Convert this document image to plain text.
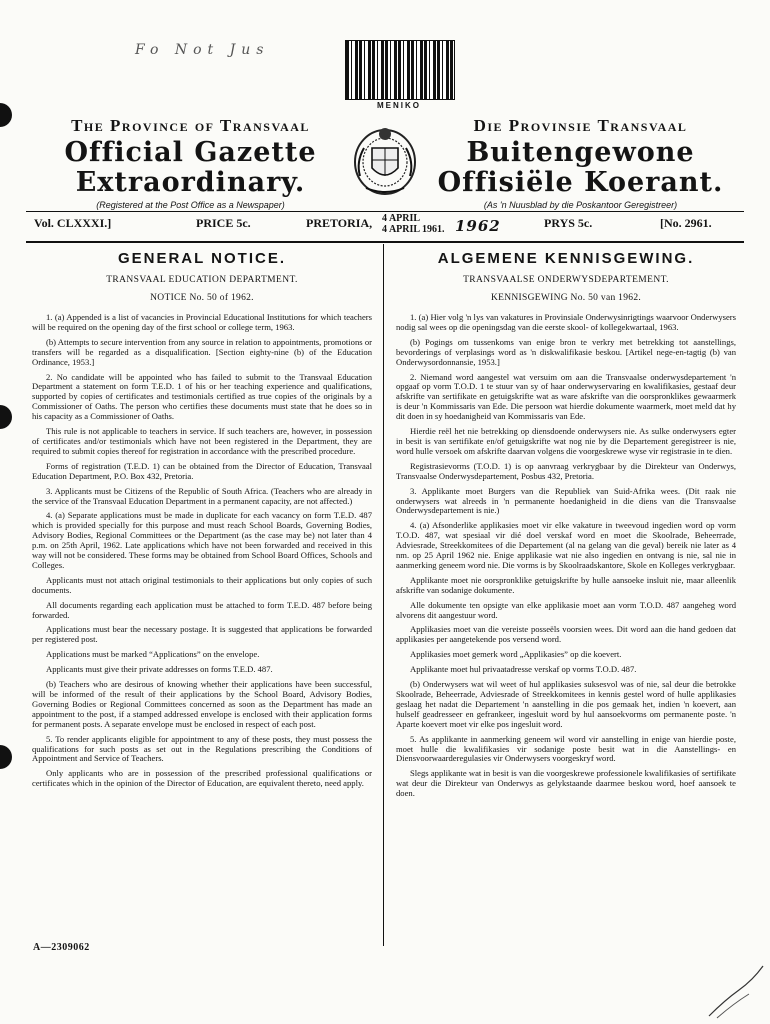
Fo Not Jus
MENIKO
The Province of Transvaal
Official Gazette
Extraordinary.
(Registered at the Post Office as a Newspaper)
Die Provinsie Transvaal
Buitengewone
Offisiële Koerant.
(As 'n Nuusblad by die Poskantoor Geregistreer)
Vol. CLXXXI.]	PRICE 5c.	PRETORIA, 4 APRIL
4 APRIL 1961. 1962	PRYS 5c.	[No. 2961.
GENERAL NOTICE.
TRANSVAAL EDUCATION DEPARTMENT.
NOTICE No. 50 of 1962.

1. (a) Appended is a list of vacancies in Provincial Educational Institutions for which teachers will be required on the opening day of the first school or college term, 1963.

(b) Attempts to secure intervention from any source in relation to appointments, promotions or transfers will be regarded as a disqualification. [Section eighty-nine (b) of the Education Ordinance, 1953.]

2. No candidate will be appointed who has failed to submit to the Transvaal Education Department a statement on form T.E.D. 1 of his or her teaching experience and qualifications, supported by copies of certificates and testimonials certified as true copies of the originals by a Commissioner of Oaths. The person who certifies these documents must state that he does so in his capacity as a Commissioner of Oaths.

This rule is not applicable to teachers in service. If such teachers are, however, in possession of certificates and/or testimonials which have not been registered in the Department, they are required to submit copies thereof for registration in accordance with the prescribed procedure.

Forms of registration (T.E.D. 1) can be obtained from the Director of Education, Transvaal Education Department, P.O. Box 432, Pretoria.

3. Applicants must be Citizens of the Republic of South Africa. (Teachers who are already in the service of the Transvaal Education Department in a permanent capacity, are not affected.)

4. (a) Separate applications must be made in duplicate for each vacancy on form T.E.D. 487 which is provided specially for this purpose and must reach School Boards, Governing Bodies, Advisory Bodies, Regional Committees or the Department (as the case may be) not later than 4 p.m. on 25th April, 1962. Late applications which have not been forwarded and received in this way will not be considered. These forms may be obtained from School Board Offices, Schools and Colleges.

Applicants must not attach original testimonials to their applications but only copies of such documents.

All documents regarding each application must be attached to form T.E.D. 487 before being forwarded.

Applications must bear the necessary postage. It is suggested that applications be forwarded per registered post.

Applications must be marked “Applications” on the envelope.

Applicants must give their private addresses on forms T.E.D. 487.

(b) Teachers who are desirous of knowing whether their applications have been successful, will be informed of the result of their applications by the School Board, Advisory Bodies, Governing Bodies or Regional Committees concerned as soon as the Department has made an appointment to the post, if a stamped addressed envelope is enclosed with their application forms for permanent posts. A separate envelope must be enclosed in respect of each post.

5. To render applicants eligible for appointment to any of these posts, they must possess the qualifications for such posts as set out in the Regulations prescribing the Conditions of Appointment and Service of Teachers.

Only applicants who are in possession of the prescribed professional qualifications or certificates which in the opinion of the Director of Education, are equivalent thereto, need apply.

ALGEMENE KENNISGEWING.
TRANSVAALSE ONDERWYSDEPARTEMENT.
KENNISGEWING No. 50 van 1962.

1. (a) Hier volg 'n lys van vakatures in Provinsiale Onderwysinrigtings waarvoor Onderwysers nodig sal wees op die openingsdag van die eerste skool- of kollegekwartaal, 1963.

(b) Pogings om tussenkoms van enige bron te verkry met betrekking tot aanstellings, bevorderings of verplasings word as 'n diskwalifikasie beskou. [Artikel nege-en-tagtig (b) van Onderwysordonnansie, 1953.]

2. Niemand word aangestel wat versuim om aan die Transvaalse onderwysdepartement 'n opgaaf op vorm T.O.D. 1 te stuur van sy of haar onderwyservaring en kwalifikasies, gestaaf deur afskrifte van sertifikate en getuigskrifte wat as ware afskrifte van die oorspronklikes gewaarmerk is deur 'n Kommissaris van Ede. Die persoon wat hierdie dokumente waarmerk, moet meld dat hy dit doen in sy hoedanigheid van Kommissaris van Ede.

Hierdie reël het nie betrekking op diensdoende onderwysers nie. As sulke onderwysers egter in besit is van sertifikate en/of getuigskrifte wat nog nie by die Departement geregistreer is nie, word hulle versoek om afskrifte daarvan volgens die voorgeskrewe wyse vir registrasie in te dien.

Registrasievorms (T.O.D. 1) is op aanvraag verkrygbaar by die Direkteur van Onderwys, Transvaalse Onderwysdepartement, Posbus 432, Pretoria.

3. Applikante moet Burgers van die Republiek van Suid-Afrika wees. (Dit raak nie onderwysers wat alreeds in 'n permanente hoedanigheid in die diens van die Transvaalse Onderwysdepartement is nie.)

4. (a) Afsonderlike applikasies moet vir elke vakature in tweevoud ingedien word op vorm T.O.D. 487, wat spesiaal vir dié doel verskaf word en moet die Skoolrade, Beheerrade, Adviesrade, Streekkomitees of die Departement (al na gelang van die geval) bereik nie later as 4 nm. op 25 April 1962 nie. Enige applikasie wat nie also ingedien en ontvang is nie, sal nie in aanmerking geneem word nie. Die vorms is by Skoolraadskantore, Skole en Kolleges verkrygbaar.

Applikante moet nie oorspronklike getuigskrifte by hulle aansoeke insluit nie, maar alleenlik afskrifte van sodanige dokumente.

Alle dokumente ten opsigte van elke applikasie moet aan vorm T.O.D. 487 aangeheg word alvorens dit aangestuur word.

Applikasies moet van die vereiste posseëls voorsien wees. Dit word aan die hand gedoen dat applikasies per aangetekende pos versend word.

Applikasies moet gemerk word „Applikasies” op die koevert.

Applikante moet hul privaatadresse verskaf op vorms T.O.D. 487.

(b) Onderwysers wat wil weet of hul applikasies suksesvol was of nie, sal deur die betrokke Skoolrade, Beheerrade, Adviesrade of Streekkomitees in kennis gestel word of hulle applikasies geslaag het nadat die Departement 'n aanstelling in die pos gemaak het, indien 'n koevert, aan hulself geadresseer en gefrankeer, ingesluit word by hul aansoekvorms om permanente poste. 'n Aparte koevert moet vir elke pos ingesluit word.

5. As applikante in aanmerking geneem wil word vir aanstelling in enige van hierdie poste, moet hulle die kwalifikasies vir sodanige poste besit wat in die Aanstellings- en Diensvoorwaarderegulasies vir Onderwysers voorgeskryf word.

Slegs applikante wat in besit is van die voorgeskrewe professionele kwalifikasies of sertifikate wat deur die Direkteur van Onderwys as gelykstaande daarmee beskou word, hoef aansoek te doen.

A—2309062
